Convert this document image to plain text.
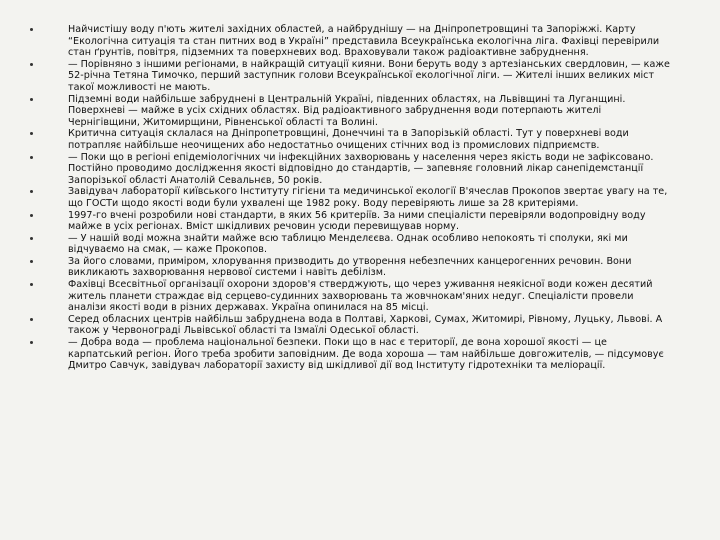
Найчистішу воду п'ють жителі західних областей, а найбруднішу — на Дніпропетровщині та Запоріжжі. Карту “Екологічна ситуація та стан питних вод в Україні” представила Всеукраїнська екологічна ліга. Фахівці перевірили стан ґрунтів, повітря, підземних та поверхневих вод. Враховували також радіоактивне забруднення.
— Порівняно з іншими регіонами, в найкращій ситуації кияни. Вони беруть воду з артезіанських свердловин, — каже 52-річна Тетяна Тимочко, перший заступник голови Всеукраїнської екологічної ліги. — Жителі інших великих міст такої можливості не мають.
Підземні води найбільше забруднені в Центральній Україні, південних областях, на Львівщині та Луганщині. Поверхневі — майже в усіх східних областях. Від радіоактивного забруднення води потерпають жителі Чернігівщини, Житомирщини, Рівненської області та Волині.
Критична ситуація склалася на Дніпропетровщині, Донеччині та в Запорізькій області. Тут у поверхневі води потрапляє найбільше неочищених або недостатньо очищених стічних вод із промислових підприємств.
— Поки що в регіоні епідеміологічних чи інфекційних захворювань у населення через якість води не зафіксовано. Постійно проводимо дослідження якості відповідно до стандартів, — запевняє головний лікар санепідемстанції Запорізької області Анатолій Севальнєв, 50 років.
Завідувач лабораторії київського Інституту гігієни та медичинської екології В'ячеслав Прокопов звертає увагу на те, що ГОСТи щодо якості води були ухвалені ще 1982 року. Воду перевіряють лише за 28 критеріями.
1997-го вчені розробили нові стандарти, в яких 56 критеріїв. За ними спеціалісти перевіряли водопровідну воду майже в усіх регіонах. Вміст шкідливих речовин усюди перевищував норму.
— У нашій воді можна знайти майже всю таблицю Менделєєва. Однак особливо непокоять ті сполуки, які ми відчуваємо на смак, — каже Прокопов.
За його словами, приміром, хлорування призводить до утворення небезпечних канцерогенних речовин. Вони викликають захворювання нервової системи і навіть дебілізм.
Фахівці Всесвітньої організації охорони здоров'я стверджують, що через уживання неякісної води кожен десятий житель планети страждає від серцево-судинних захворювань та жовчнокам'яних недуг. Спеціалісти провели аналізи якості води в різних державах. Україна опинилася на 85 місці.
Серед обласних центрів найбільш забруднена вода в Полтаві, Харкові, Сумах, Житомирі, Рівному, Луцьку, Львові. А також у Червоноградi Львівської області та Ізмаїлі Одеської області.
— Добра вода — проблема національної безпеки. Поки що в нас є території, де вона хорошої якості — це карпатський регіон. Його треба зробити заповідним. Де вода хороша — там найбільше довгожителів, — підсумовує Дмитро Савчук, завідувач лабораторії захисту від шкідливої дії вод Інституту гідротехніки та меліорації.
